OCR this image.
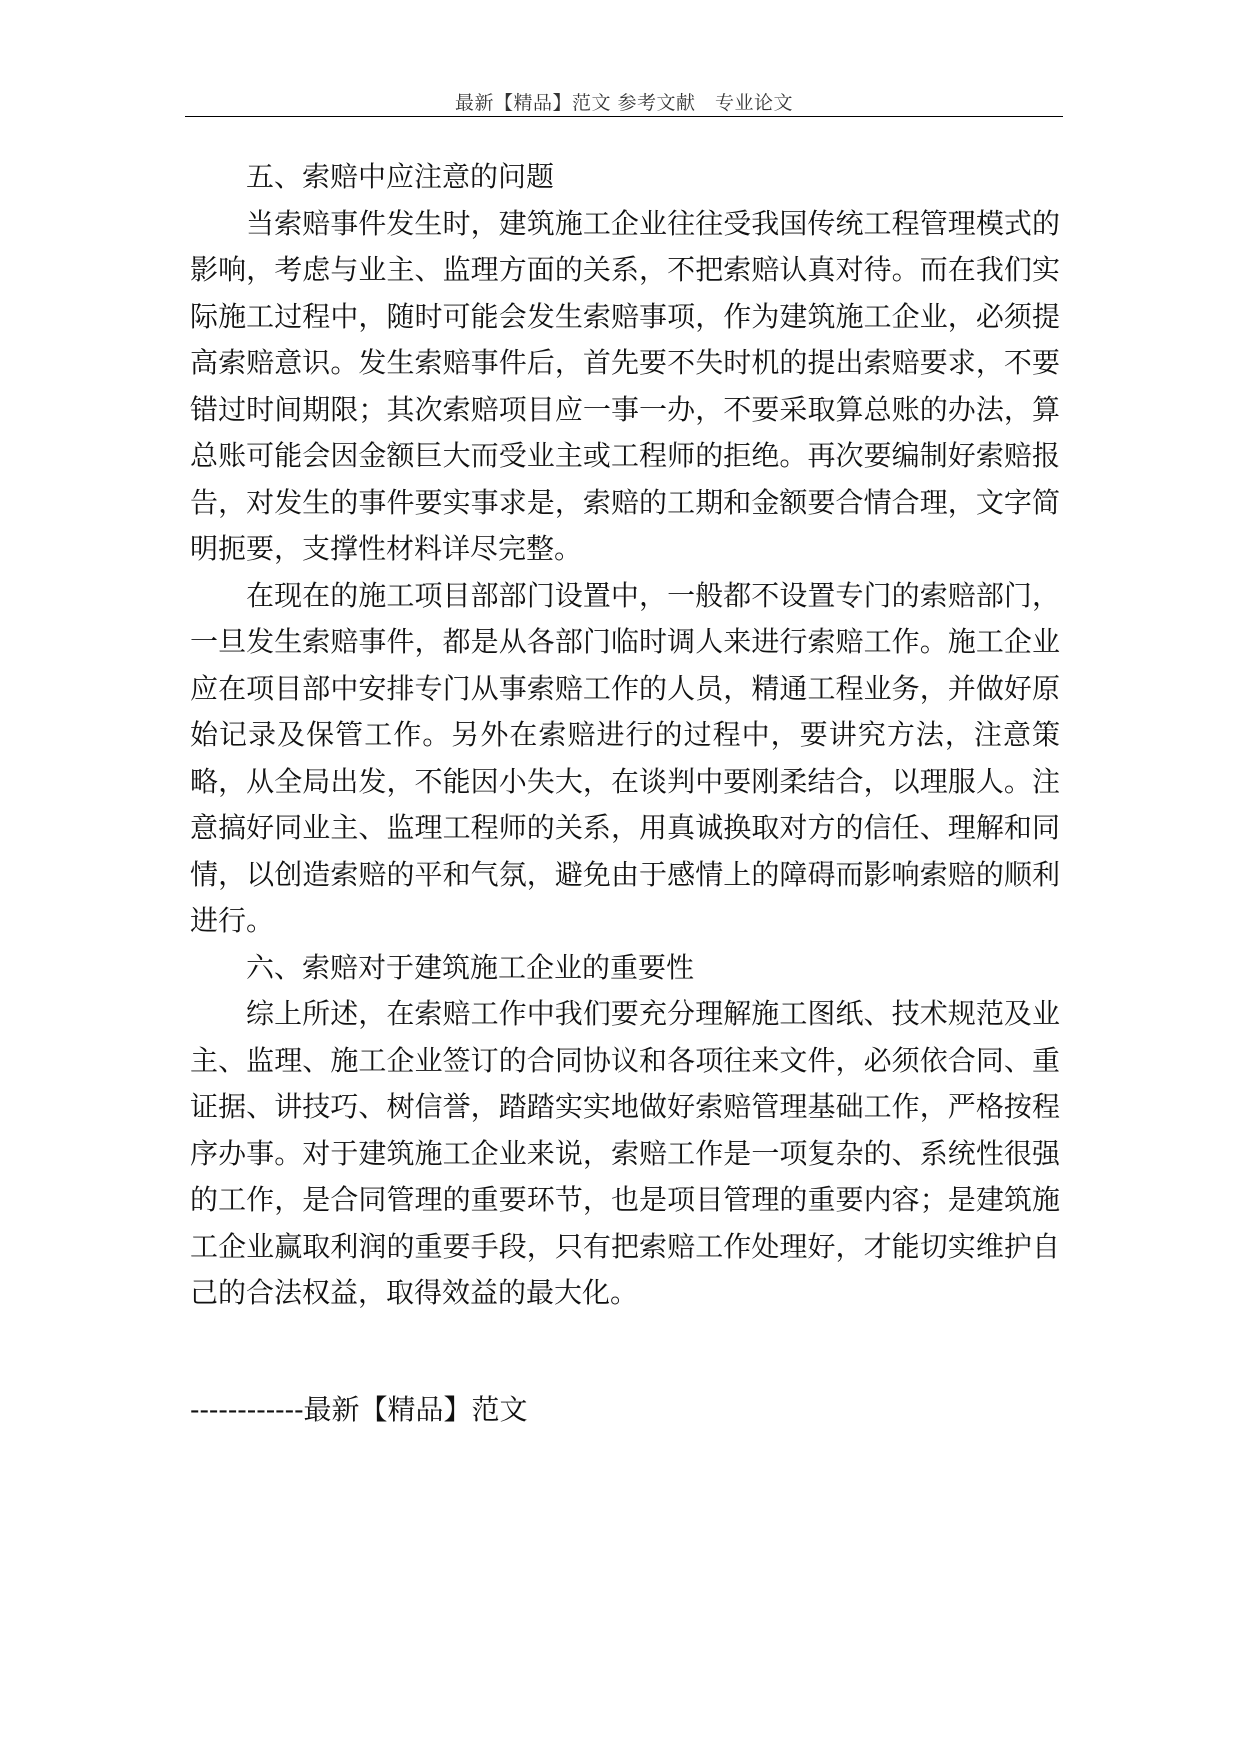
最新【精品】范文 参考文献　专业论文

五、索赔中应注意的问题

当索赔事件发生时，建筑施工企业往往受我国传统工程管理模式的影响，考虑与业主、监理方面的关系，不把索赔认真对待。而在我们实际施工过程中，随时可能会发生索赔事项，作为建筑施工企业，必须提高索赔意识。发生索赔事件后，首先要不失时机的提出索赔要求，不要错过时间期限；其次索赔项目应一事一办，不要采取算总账的办法，算总账可能会因金额巨大而受业主或工程师的拒绝。再次要编制好索赔报告，对发生的事件要实事求是，索赔的工期和金额要合情合理，文字简明扼要，支撑性材料详尽完整。

在现在的施工项目部部门设置中，一般都不设置专门的索赔部门，一旦发生索赔事件，都是从各部门临时调人来进行索赔工作。施工企业应在项目部中安排专门从事索赔工作的人员，精通工程业务，并做好原始记录及保管工作。另外在索赔进行的过程中，要讲究方法，注意策略，从全局出发，不能因小失大，在谈判中要刚柔结合，以理服人。注意搞好同业主、监理工程师的关系，用真诚换取对方的信任、理解和同情，以创造索赔的平和气氛，避免由于感情上的障碍而影响索赔的顺利进行。

六、索赔对于建筑施工企业的重要性

综上所述，在索赔工作中我们要充分理解施工图纸、技术规范及业主、监理、施工企业签订的合同协议和各项往来文件，必须依合同、重证据、讲技巧、树信誉，踏踏实实地做好索赔管理基础工作，严格按程序办事。对于建筑施工企业来说，索赔工作是一项复杂的、系统性很强的工作，是合同管理的重要环节，也是项目管理的重要内容；是建筑施工企业赢取利润的重要手段，只有把索赔工作处理好，才能切实维护自己的合法权益，取得效益的最大化。

------------最新【精品】范文
